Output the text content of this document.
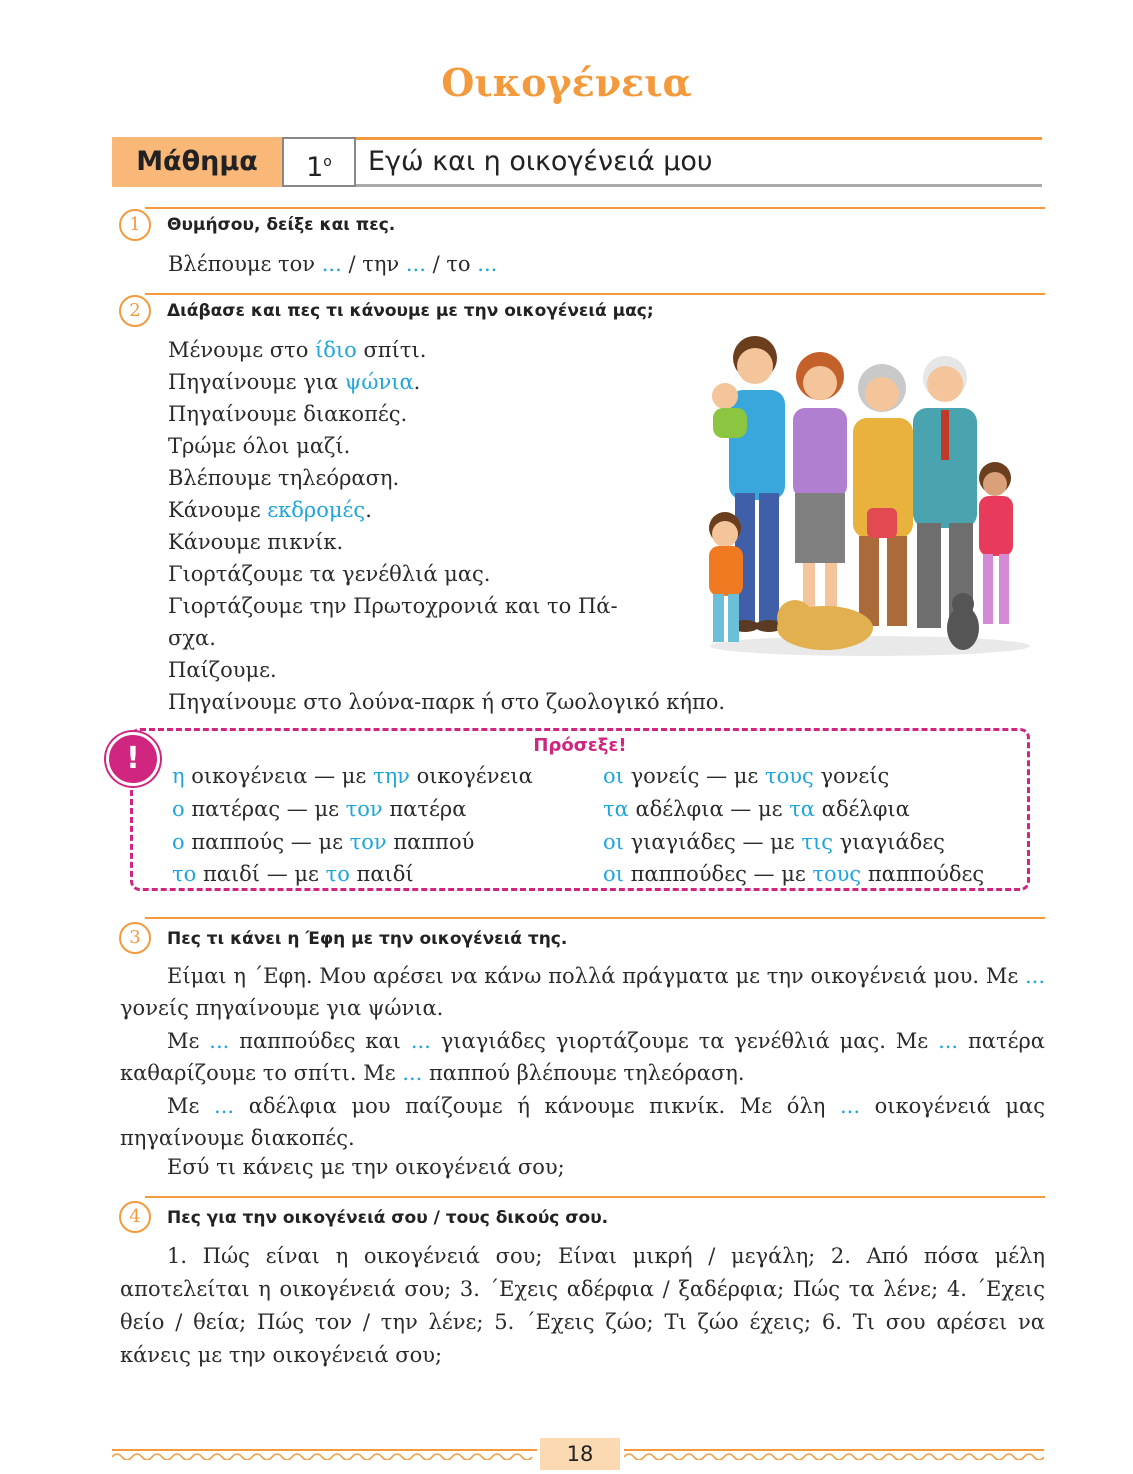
Οικογένεια
Μάθημα	$1^o$	Εγώ και η οικογένειά μου
1	Θυμήσου, δείξε και πες.
Βλέπουμε τον ... / την ... / το ...
2	Διάβασε και πες τι κάνουμε με την οικογένειά μας;
Μένουμε στο ίδιο σπίτι.
Πηγαίνουμε για ψώνια.
Πηγαίνουμε διακοπές.
Τρώμε όλοι μαζί.
Βλέπουμε τηλεόραση.
Κάνουμε εκδρομές.
Κάνουμε πικνίκ.
Γιορτάζουμε τα γενέθλιά μας.
Γιορτάζουμε την Πρωτοχρονιά και το Πά-
σχα.
Παίζουμε.
Πηγαίνουμε στο λούνα-παρκ ή στο ζωολογικό κήπο.
Πρόσεξε!
!	η οικογένεια — με την οικογένεια
ο πατέρας — με τον πατέρα
ο παππούς — με τον παππού
το παιδί — με το παιδί
οι γονείς — με τους γονείς
τα αδέλφια — με τα αδέλφια
οι γιαγιάδες — με τις γιαγιάδες
οι παππούδες — με τους παππούδες
3	Πες τι κάνει η Έφη με την οικογένειά της.
Είμαι η ΄Εφη. Μου αρέσει να κάνω πολλά πράγματα με την οικογένειά μου. Με ... γονείς πηγαίνουμε για ψώνια.
Με ... παππούδες και ... γιαγιάδες γιορτάζουμε τα γενέθλιά μας. Με ... πατέρα καθαρίζουμε το σπίτι. Με ... παππού βλέπουμε τηλεόραση.
Με ... αδέλφια μου παίζουμε ή κάνουμε πικνίκ. Με όλη ... οικογένειά μας πηγαίνουμε διακοπές.
Εσύ τι κάνεις με την οικογένειά σου;
4	Πες για την οικογένειά σου / τους δικούς σου.
1. Πώς είναι η οικογένειά σου; Είναι μικρή / μεγάλη; 2. Από πόσα μέλη αποτελείται η οικογένειά σου; 3. ΄Εχεις αδέρφια / ξαδέρφια; Πώς τα λένε; 4. ΄Εχεις θείο / θεία; Πώς τον / την λένε; 5. ΄Εχεις ζώο; Τι ζώο έχεις; 6. Τι σου αρέσει να κάνεις με την οικογένειά σου;
18
